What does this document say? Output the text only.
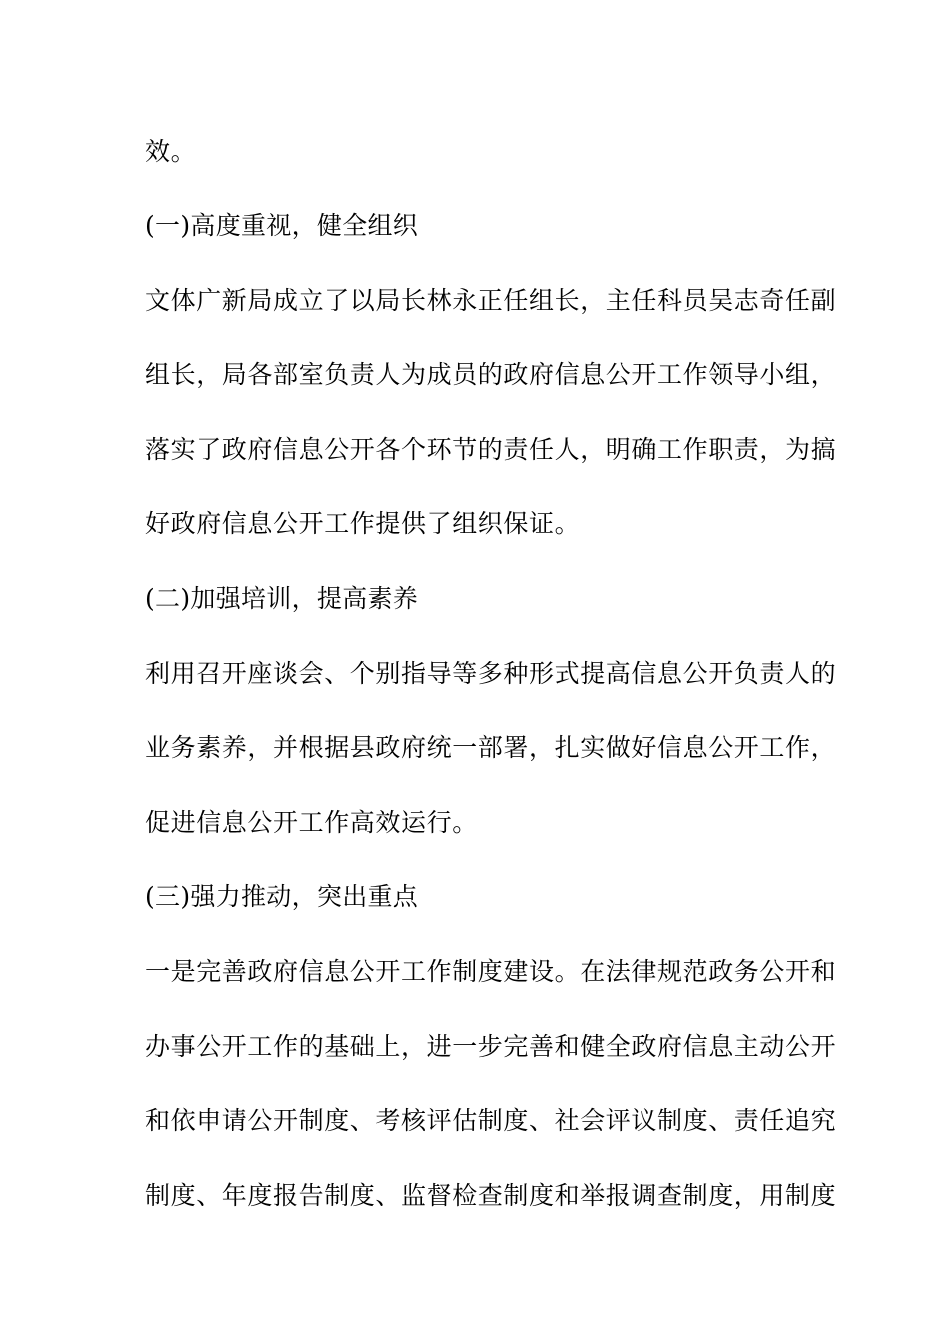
效。
(一)高度重视，健全组织
文体广新局成立了以局长林永正任组长，主任科员吴志奇任副
组长，局各部室负责人为成员的政府信息公开工作领导小组，
落实了政府信息公开各个环节的责任人，明确工作职责，为搞
好政府信息公开工作提供了组织保证。
(二)加强培训，提高素养
利用召开座谈会、个别指导等多种形式提高信息公开负责人的
业务素养，并根据县政府统一部署，扎实做好信息公开工作，
促进信息公开工作高效运行。
(三)强力推动，突出重点
一是完善政府信息公开工作制度建设。在法律规范政务公开和
办事公开工作的基础上，进一步完善和健全政府信息主动公开
和依申请公开制度、考核评估制度、社会评议制度、责任追究
制度、年度报告制度、监督检查制度和举报调查制度，用制度
